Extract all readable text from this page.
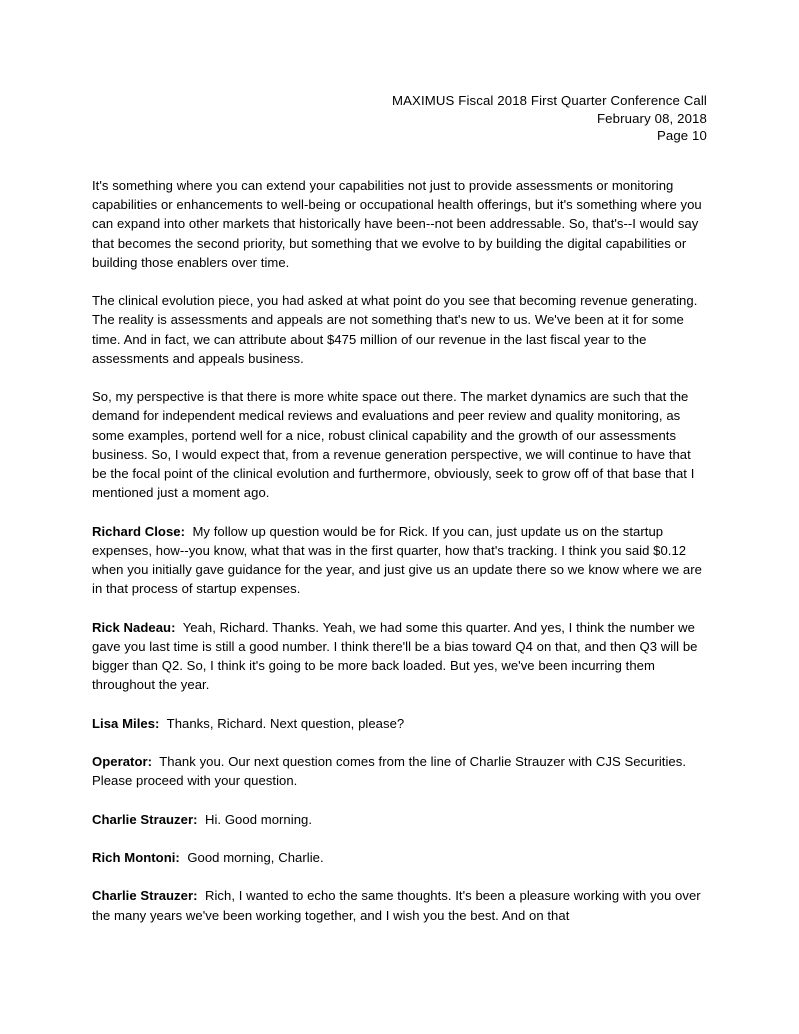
MAXIMUS Fiscal 2018 First Quarter Conference Call
February 08, 2018
Page 10

It's something where you can extend your capabilities not just to provide assessments or monitoring capabilities or enhancements to well-being or occupational health offerings, but it's something where you can expand into other markets that historically have been--not been addressable. So, that's--I would say that becomes the second priority, but something that we evolve to by building the digital capabilities or building those enablers over time.

The clinical evolution piece, you had asked at what point do you see that becoming revenue generating. The reality is assessments and appeals are not something that's new to us. We've been at it for some time. And in fact, we can attribute about $475 million of our revenue in the last fiscal year to the assessments and appeals business.

So, my perspective is that there is more white space out there. The market dynamics are such that the demand for independent medical reviews and evaluations and peer review and quality monitoring, as some examples, portend well for a nice, robust clinical capability and the growth of our assessments business. So, I would expect that, from a revenue generation perspective, we will continue to have that be the focal point of the clinical evolution and furthermore, obviously, seek to grow off of that base that I mentioned just a moment ago.

Richard Close: My follow up question would be for Rick. If you can, just update us on the startup expenses, how--you know, what that was in the first quarter, how that's tracking. I think you said $0.12 when you initially gave guidance for the year, and just give us an update there so we know where we are in that process of startup expenses.

Rick Nadeau: Yeah, Richard. Thanks. Yeah, we had some this quarter. And yes, I think the number we gave you last time is still a good number. I think there'll be a bias toward Q4 on that, and then Q3 will be bigger than Q2. So, I think it's going to be more back loaded. But yes, we've been incurring them throughout the year.

Lisa Miles: Thanks, Richard. Next question, please?

Operator: Thank you. Our next question comes from the line of Charlie Strauzer with CJS Securities. Please proceed with your question.

Charlie Strauzer: Hi. Good morning.

Rich Montoni: Good morning, Charlie.

Charlie Strauzer: Rich, I wanted to echo the same thoughts. It's been a pleasure working with you over the many years we've been working together, and I wish you the best. And on that
